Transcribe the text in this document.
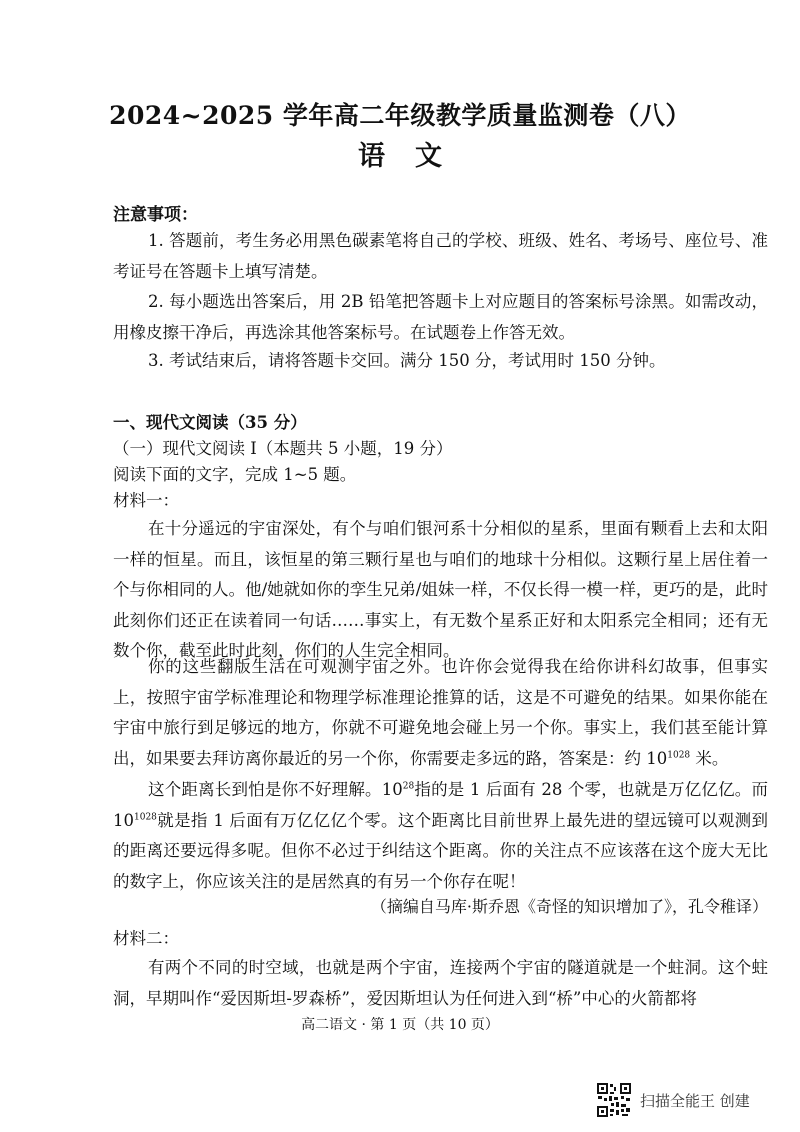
2024~2025 学年高二年级教学质量监测卷（八）
语文
注意事项：
1. 答题前，考生务必用黑色碳素笔将自己的学校、班级、姓名、考场号、座位号、准考证号在答题卡上填写清楚。
2. 每小题选出答案后，用 2B 铅笔把答题卡上对应题目的答案标号涂黑。如需改动，用橡皮擦干净后，再选涂其他答案标号。在试题卷上作答无效。
3. 考试结束后，请将答题卡交回。满分 150 分，考试用时 150 分钟。
一、现代文阅读（35 分）
（一）现代文阅读 I（本题共 5 小题，19 分）
阅读下面的文字，完成 1~5 题。
材料一：
在十分遥远的宇宙深处，有个与咱们银河系十分相似的星系，里面有颗看上去和太阳一样的恒星。而且，该恒星的第三颗行星也与咱们的地球十分相似。这颗行星上居住着一个与你相同的人。他/她就如你的孪生兄弟/姐妹一样，不仅长得一模一样，更巧的是，此时此刻你们还正在读着同一句话……事实上，有无数个星系正好和太阳系完全相同；还有无数个你，截至此时此刻，你们的人生完全相同。
你的这些翻版生活在可观测宇宙之外。也许你会觉得我在给你讲科幻故事，但事实上，按照宇宙学标准理论和物理学标准理论推算的话，这是不可避免的结果。如果你能在宇宙中旅行到足够远的地方，你就不可避免地会碰上另一个你。事实上，我们甚至能计算出，如果要去拜访离你最近的另一个你，你需要走多远的路，答案是：约 $10^{1028}$ 米。
这个距离长到怕是你不好理解。$10^{28}$指的是 1 后面有 28 个零，也就是万亿亿亿。而 $10^{1028}$就是指 1 后面有万亿亿亿个零。这个距离比目前世界上最先进的望远镜可以观测到的距离还要远得多呢。但你不必过于纠结这个距离。你的关注点不应该落在这个庞大无比的数字上，你应该关注的是居然真的有另一个你存在呢！
（摘编自马库·斯乔恩《奇怪的知识增加了》，孔令稚译）
材料二：
有两个不同的时空域，也就是两个宇宙，连接两个宇宙的隧道就是一个蛀洞。这个蛀洞，早期叫作“爱因斯坦-罗森桥”，爱因斯坦认为任何进入到“桥”中心的火箭都将
高二语文 · 第 1 页（共 10 页）
扫描全能王 创建
